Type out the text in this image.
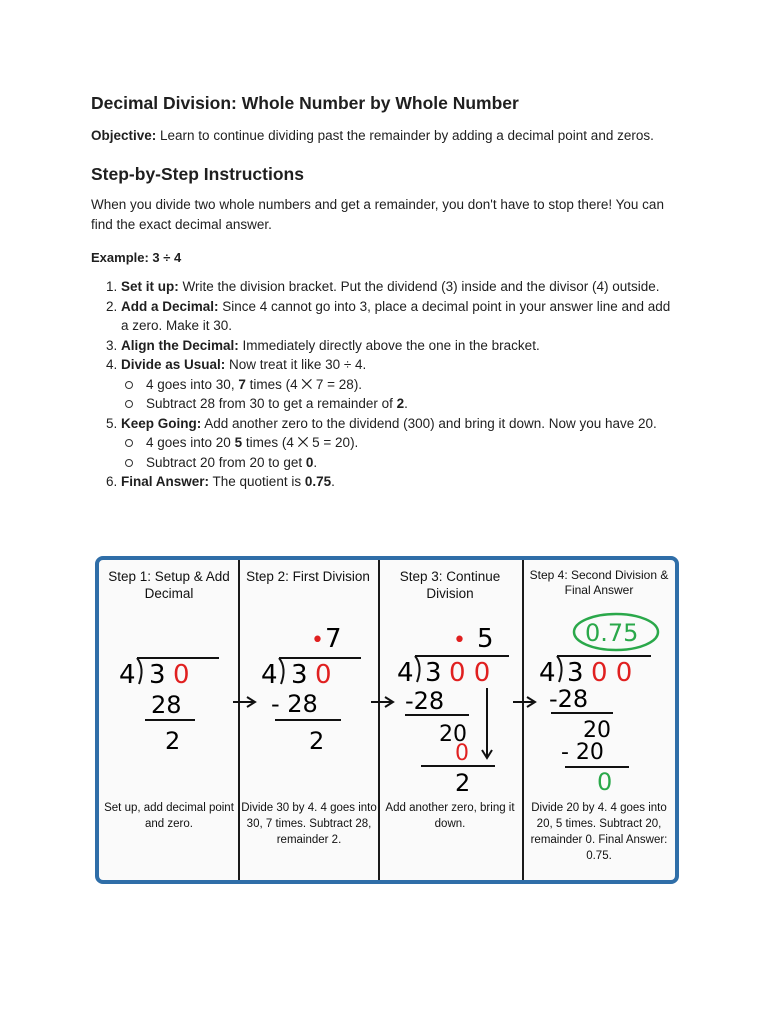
Decimal Division: Whole Number by Whole Number
Objective: Learn to continue dividing past the remainder by adding a decimal point and zeros.
Step-by-Step Instructions
When you divide two whole numbers and get a remainder, you don't have to stop there! You can find the exact decimal answer.
Example: 3 ÷ 4
1. Set it up: Write the division bracket. Put the dividend (3) inside and the divisor (4) outside.
2. Add a Decimal: Since 4 cannot go into 3, place a decimal point in your answer line and add a zero. Make it 30.
3. Align the Decimal: Immediately directly above the one in the bracket.
4. Divide as Usual: Now treat it like 30 ÷ 4.
4 goes into 30, 7 times (4 ⨉ 7 = 28).
Subtract 28 from 30 to get a remainder of 2.
5. Keep Going: Add another zero to the dividend (300) and bring it down. Now you have 20.
4 goes into 20 5 times (4 ⨉ 5 = 20).
Subtract 20 from 20 to get 0.
6. Final Answer: The quotient is 0.75.
Step 1: Setup & Add Decimal
Step 2: First Division	Step 3: Continue Division
Step 4: Second Division & Final Answer
4 3 0
28
2
• 7
4 3 0
- 28
2
• 5
4 3 0 0
-28
20
0
2
0.75
4 3 0 0
-28
20
- 20
0
Set up, add decimal point and zero.
Divide 30 by 4. 4 goes into 30, 7 times. Subtract 28, remainder 2.
Add another zero, bring it down.
Divide 20 by 4. 4 goes into 20, 5 times. Subtract 20, remainder 0. Final Answer: 0.75.
